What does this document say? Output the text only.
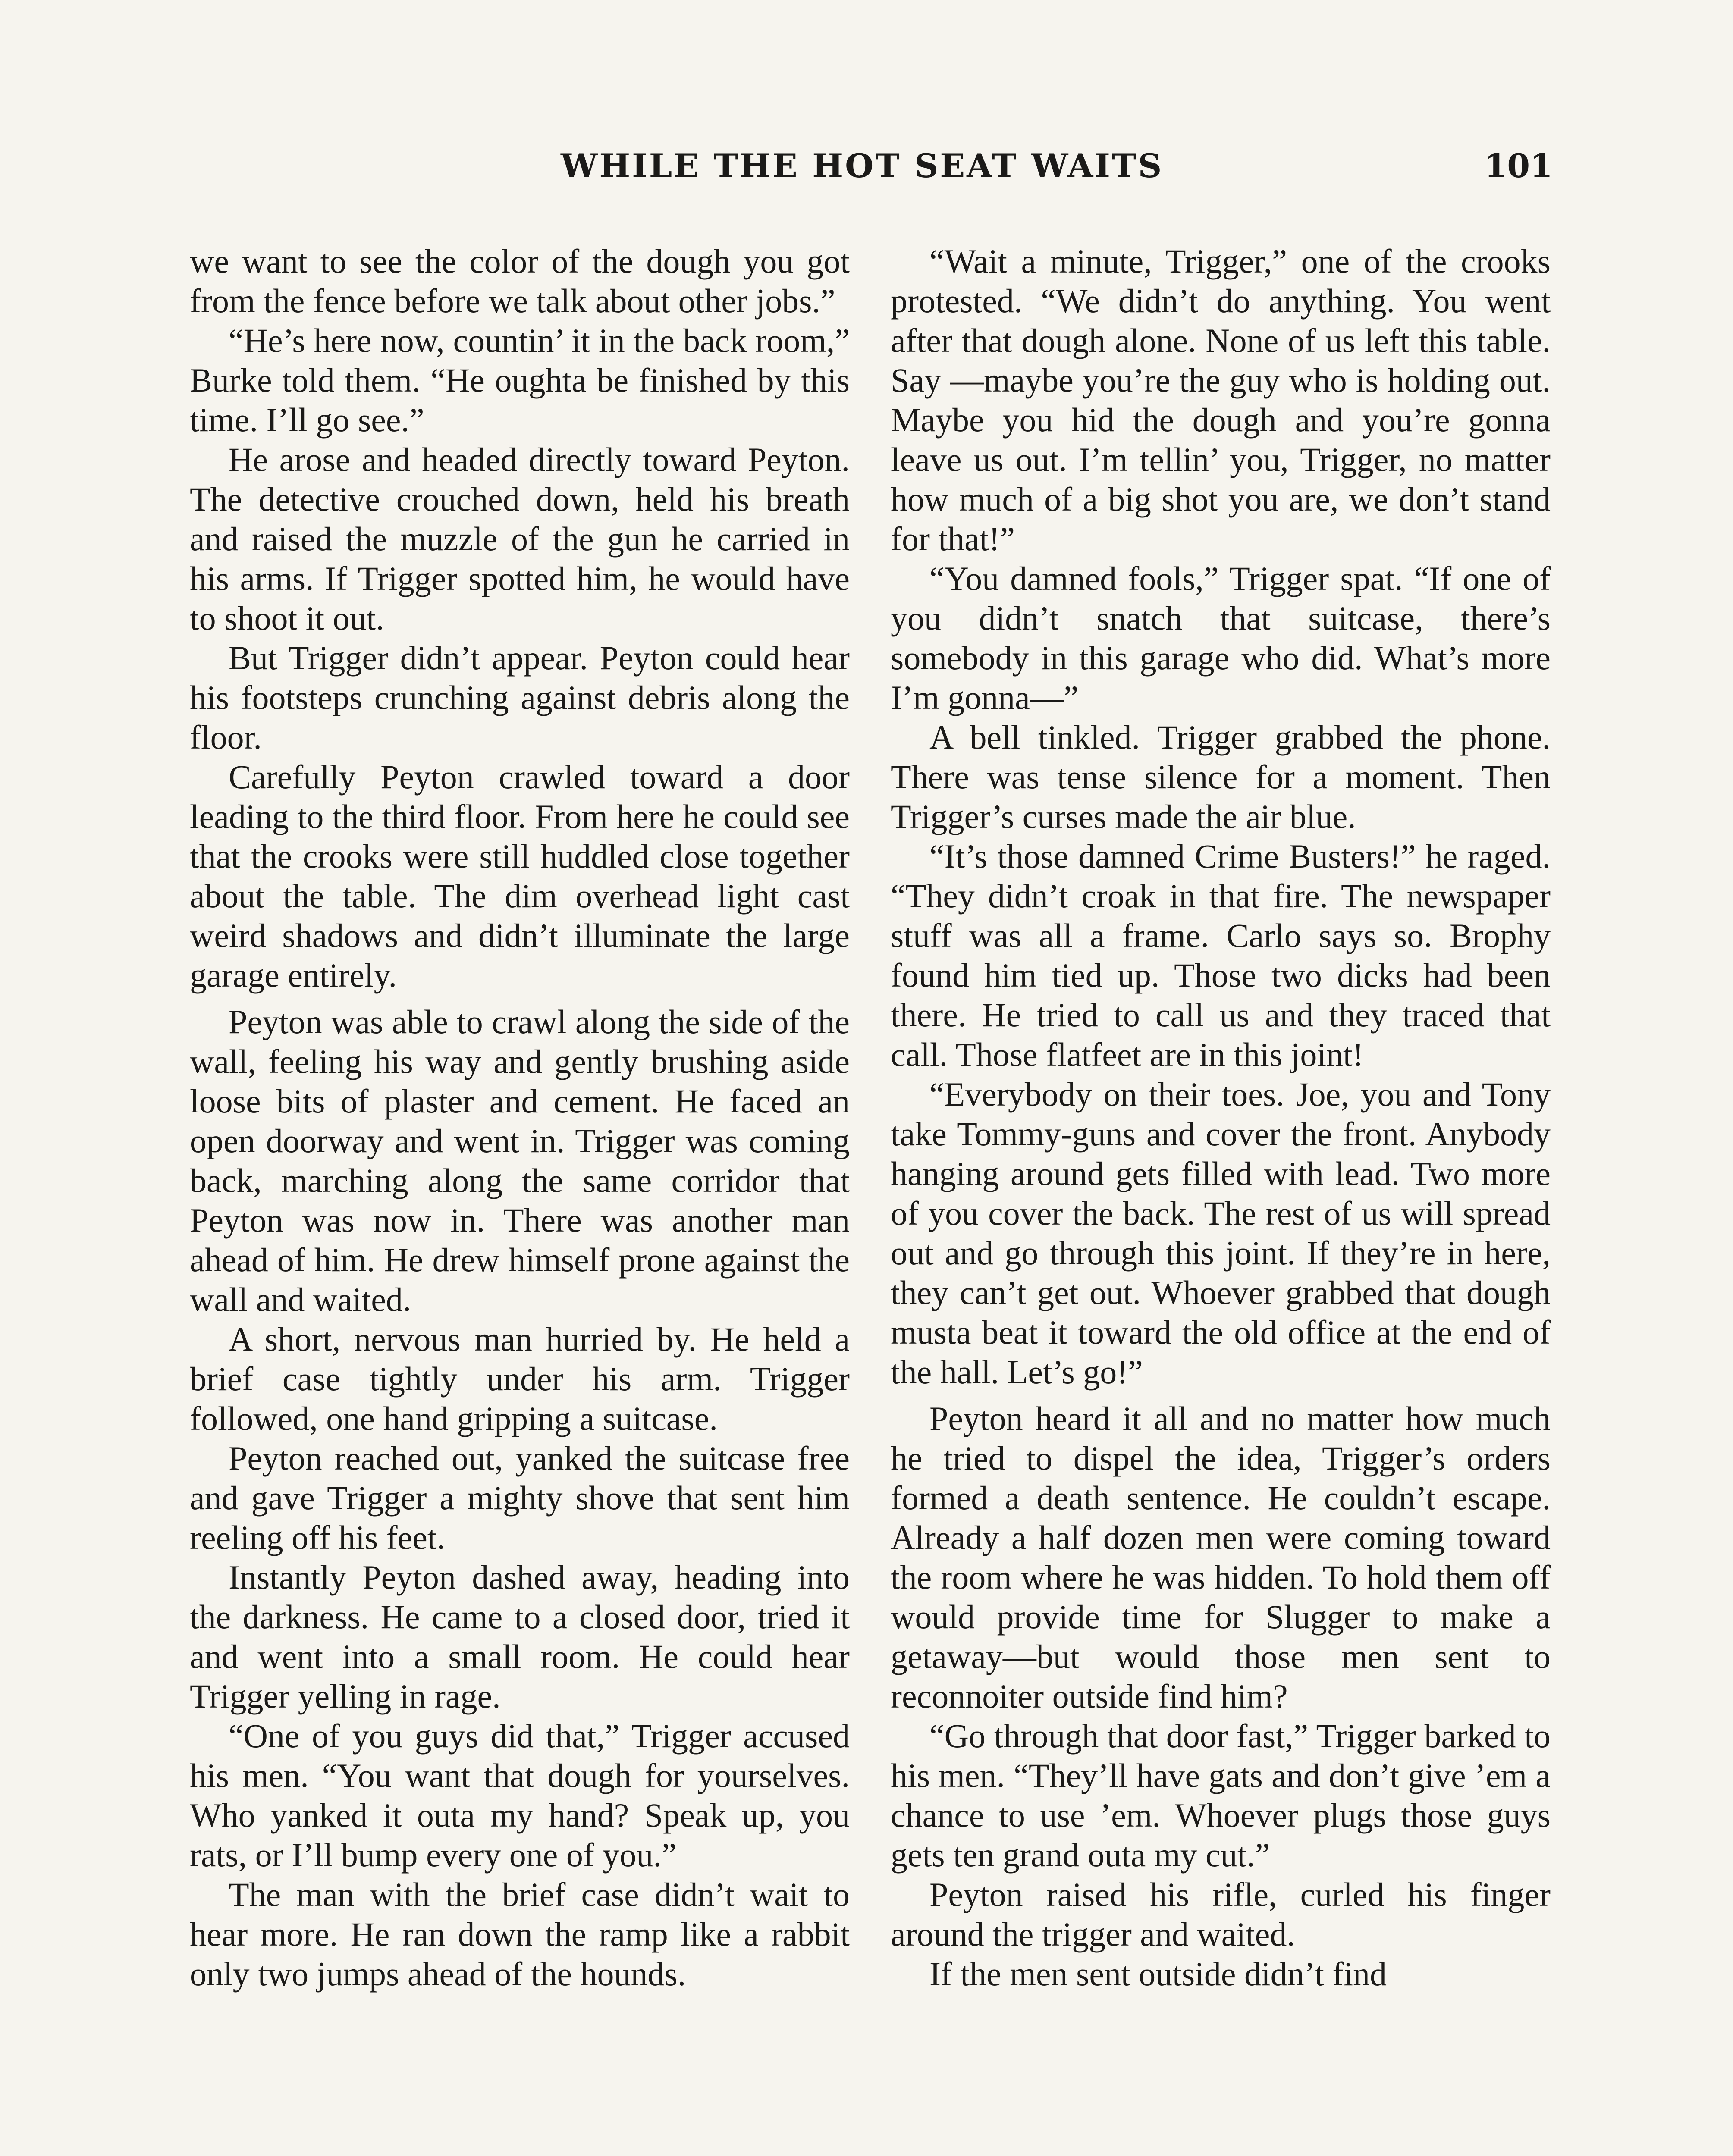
WHILE THE HOT SEAT WAITS	101

we want to see the color of the dough you got from the fence before we talk about other jobs.”

“He’s here now, countin’ it in the back room,” Burke told them. “He oughta be finished by this time. I’ll go see.”

He arose and headed directly toward Peyton. The detective crouched down, held his breath and raised the muzzle of the gun he carried in his arms. If Trigger spotted him, he would have to shoot it out.

But Trigger didn’t appear. Peyton could hear his footsteps crunching against debris along the floor.

Carefully Peyton crawled toward a door leading to the third floor. From here he could see that the crooks were still huddled close together about the table. The dim overhead light cast weird shadows and didn’t illuminate the large garage entirely.

Peyton was able to crawl along the side of the wall, feeling his way and gently brushing aside loose bits of plaster and cement. He faced an open doorway and went in. Trigger was coming back, marching along the same corridor that Peyton was now in. There was another man ahead of him. He drew himself prone against the wall and waited.

A short, nervous man hurried by. He held a brief case tightly under his arm. Trigger followed, one hand gripping a suitcase.

Peyton reached out, yanked the suitcase free and gave Trigger a mighty shove that sent him reeling off his feet.

Instantly Peyton dashed away, heading into the darkness. He came to a closed door, tried it and went into a small room. He could hear Trigger yelling in rage.

“One of you guys did that,” Trigger accused his men. “You want that dough for yourselves. Who yanked it outa my hand? Speak up, you rats, or I’ll bump every one of you.”

The man with the brief case didn’t wait to hear more. He ran down the ramp like a rabbit only two jumps ahead of the hounds.

“Wait a minute, Trigger,” one of the crooks protested. “We didn’t do anything. You went after that dough alone. None of us left this table. Say —maybe you’re the guy who is holding out. Maybe you hid the dough and you’re gonna leave us out. I’m tellin’ you, Trigger, no matter how much of a big shot you are, we don’t stand for that!”

“You damned fools,” Trigger spat. “If one of you didn’t snatch that suitcase, there’s somebody in this garage who did. What’s more I’m gonna—”

A bell tinkled. Trigger grabbed the phone. There was tense silence for a moment. Then Trigger’s curses made the air blue.

“It’s those damned Crime Busters!” he raged. “They didn’t croak in that fire. The newspaper stuff was all a frame. Carlo says so. Brophy found him tied up. Those two dicks had been there. He tried to call us and they traced that call. Those flatfeet are in this joint!

“Everybody on their toes. Joe, you and Tony take Tommy-guns and cover the front. Anybody hanging around gets filled with lead. Two more of you cover the back. The rest of us will spread out and go through this joint. If they’re in here, they can’t get out. Whoever grabbed that dough musta beat it toward the old office at the end of the hall. Let’s go!”

Peyton heard it all and no matter how much he tried to dispel the idea, Trigger’s orders formed a death sentence. He couldn’t escape. Already a half dozen men were coming toward the room where he was hidden. To hold them off would provide time for Slugger to make a getaway—but would those men sent to reconnoiter outside find him?

“Go through that door fast,” Trigger barked to his men. “They’ll have gats and don’t give ’em a chance to use ’em. Whoever plugs those guys gets ten grand outa my cut.”

Peyton raised his rifle, curled his finger around the trigger and waited.

If the men sent outside didn’t find
